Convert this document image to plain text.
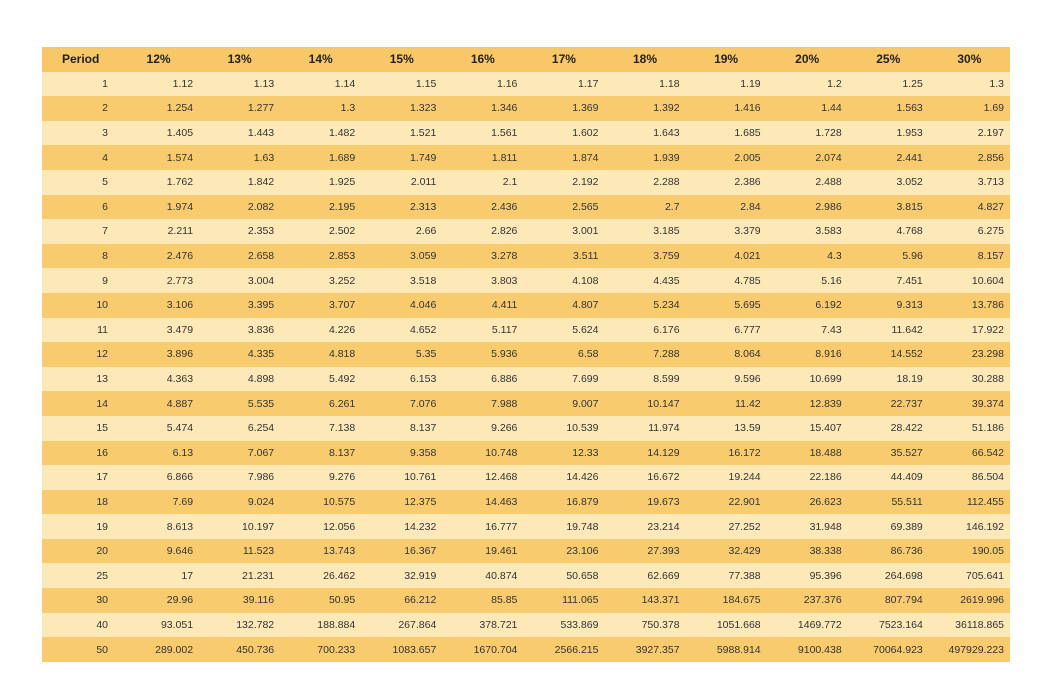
Period	12%	13%	14%	15%	16%	17%	18%	19%	20%	25%	30%
1	1.12	1.13	1.14	1.15	1.16	1.17	1.18	1.19	1.2	1.25	1.3
2	1.254	1.277	1.3	1.323	1.346	1.369	1.392	1.416	1.44	1.563	1.69
3	1.405	1.443	1.482	1.521	1.561	1.602	1.643	1.685	1.728	1.953	2.197
4	1.574	1.63	1.689	1.749	1.811	1.874	1.939	2.005	2.074	2.441	2.856
5	1.762	1.842	1.925	2.011	2.1	2.192	2.288	2.386	2.488	3.052	3.713
6	1.974	2.082	2.195	2.313	2.436	2.565	2.7	2.84	2.986	3.815	4.827
7	2.211	2.353	2.502	2.66	2.826	3.001	3.185	3.379	3.583	4.768	6.275
8	2.476	2.658	2.853	3.059	3.278	3.511	3.759	4.021	4.3	5.96	8.157
9	2.773	3.004	3.252	3.518	3.803	4.108	4.435	4.785	5.16	7.451	10.604
10	3.106	3.395	3.707	4.046	4.411	4.807	5.234	5.695	6.192	9.313	13.786
11	3.479	3.836	4.226	4.652	5.117	5.624	6.176	6.777	7.43	11.642	17.922
12	3.896	4.335	4.818	5.35	5.936	6.58	7.288	8.064	8.916	14.552	23.298
13	4.363	4.898	5.492	6.153	6.886	7.699	8.599	9.596	10.699	18.19	30.288
14	4.887	5.535	6.261	7.076	7.988	9.007	10.147	11.42	12.839	22.737	39.374
15	5.474	6.254	7.138	8.137	9.266	10.539	11.974	13.59	15.407	28.422	51.186
16	6.13	7.067	8.137	9.358	10.748	12.33	14.129	16.172	18.488	35.527	66.542
17	6.866	7.986	9.276	10.761	12.468	14.426	16.672	19.244	22.186	44.409	86.504
18	7.69	9.024	10.575	12.375	14.463	16.879	19.673	22.901	26.623	55.511	112.455
19	8.613	10.197	12.056	14.232	16.777	19.748	23.214	27.252	31.948	69.389	146.192
20	9.646	11.523	13.743	16.367	19.461	23.106	27.393	32.429	38.338	86.736	190.05
25	17	21.231	26.462	32.919	40.874	50.658	62.669	77.388	95.396	264.698	705.641
30	29.96	39.116	50.95	66.212	85.85	111.065	143.371	184.675	237.376	807.794	2619.996
40	93.051	132.782	188.884	267.864	378.721	533.869	750.378	1051.668	1469.772	7523.164	36118.865
50	289.002	450.736	700.233	1083.657	1670.704	2566.215	3927.357	5988.914	9100.438	70064.923	497929.223
